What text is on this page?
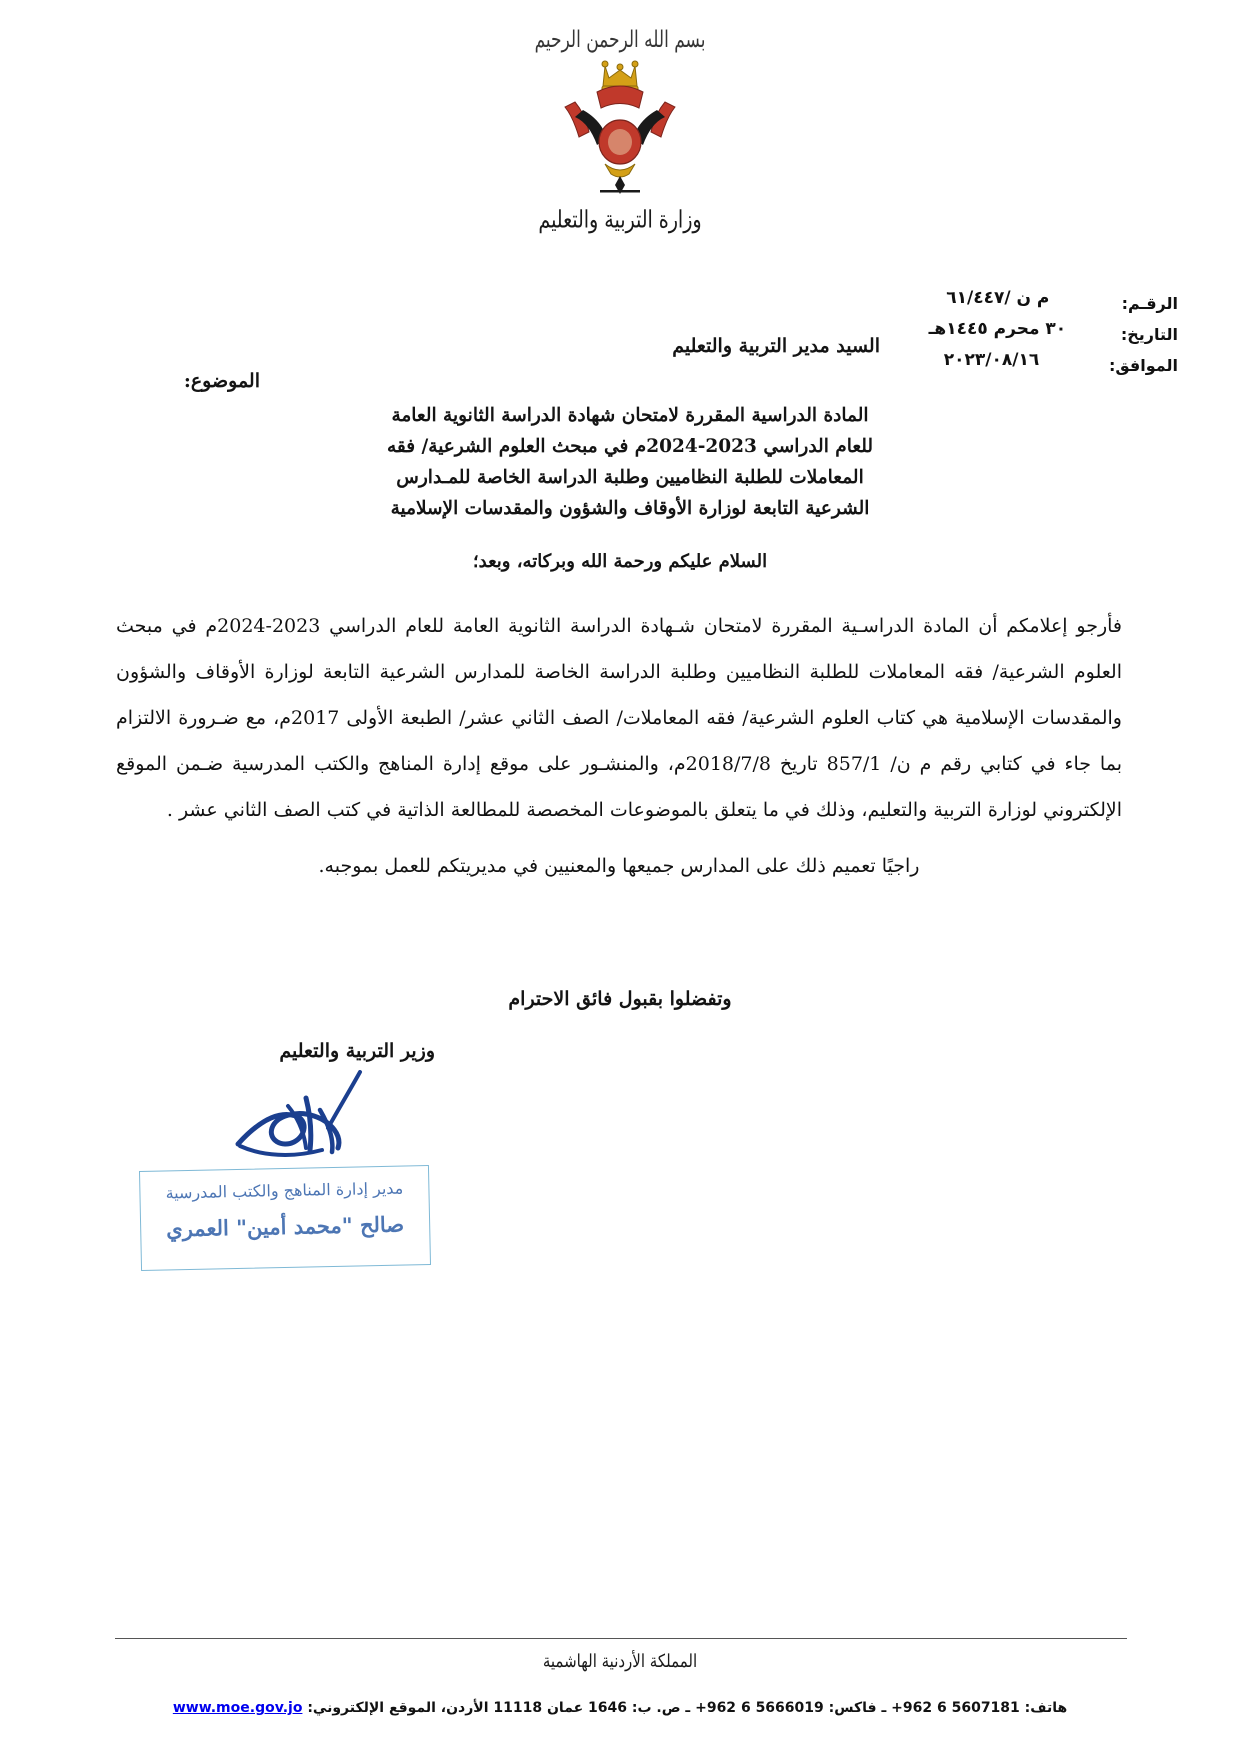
بسم الله الرحمن الرحيم
وزارة التربية والتعليم
الرقـم:
م ن /٦١/٤٤٧
التاريخ:
٣٠ محرم ١٤٤٥هـ
الموافق:
٢٠٢٣/٠٨/١٦
السيد مدير التربية والتعليم
الموضوع:
المادة الدراسية المقررة لامتحان شهادة الدراسة الثانوية العامة
للعام الدراسي 2023-2024م في مبحث العلوم الشرعية/ فقه
المعاملات للطلبة النظاميين وطلبة الدراسة الخاصة للمـدارس
الشرعية التابعة لوزارة الأوقاف والشؤون والمقدسات الإسلامية
السلام عليكم ورحمة الله وبركاته، وبعد؛

فأرجو إعلامكم أن المادة الدراسـية المقررة لامتحان شـهادة الدراسة الثانوية العامة للعام الدراسي 2023-2024م في مبحث العلوم الشرعية/ فقه المعاملات للطلبة النظاميين وطلبة الدراسة الخاصة للمدارس الشرعية التابعة لوزارة الأوقاف والشؤون والمقدسات الإسلامية هي كتاب العلوم الشرعية/ فقه المعاملات/ الصف الثاني عشر/ الطبعة الأولى 2017م، مع ضـرورة الالتزام بما جاء في كتابي رقم م ن/ 857/1 تاريخ 2018/7/8م، والمنشـور على موقع إدارة المناهج والكتب المدرسية ضـمن الموقع الإلكتروني لوزارة التربية والتعليم، وذلك في ما يتعلق بالموضوعات المخصصة للمطالعة الذاتية في كتب الصف الثاني عشر .

راجيًا تعميم ذلك على المدارس جميعها والمعنيين في مديريتكم للعمل بموجبه.

وتفضلوا بقبول فائق الاحترام
وزير التربية والتعليم
مدير إدارة المناهج والكتب المدرسية
صالح "محمد أمين" العمري
المملكة الأردنية الهاشمية
هاتف: 5607181 6 962+ ـ فاكس: 5666019 6 962+ ـ ص. ب: 1646 عمان 11118 الأردن، الموقع الإلكتروني: www.moe.gov.jo
